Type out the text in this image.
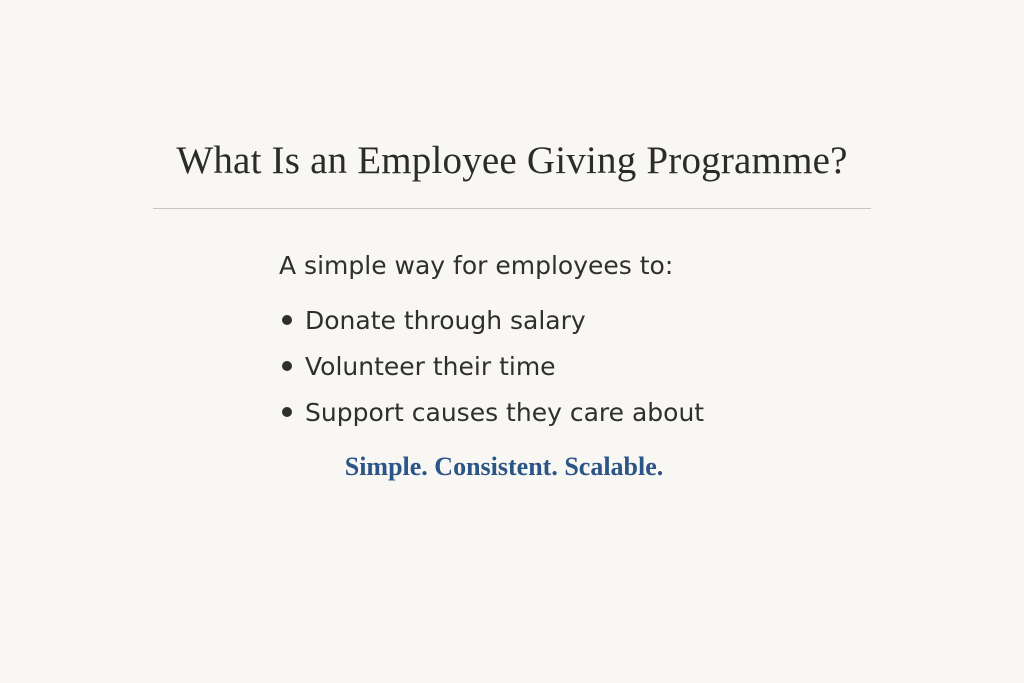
What Is an Employee Giving Programme?
A simple way for employees to:
Donate through salary
Volunteer their time
Support causes they care about
Simple. Consistent. Scalable.
